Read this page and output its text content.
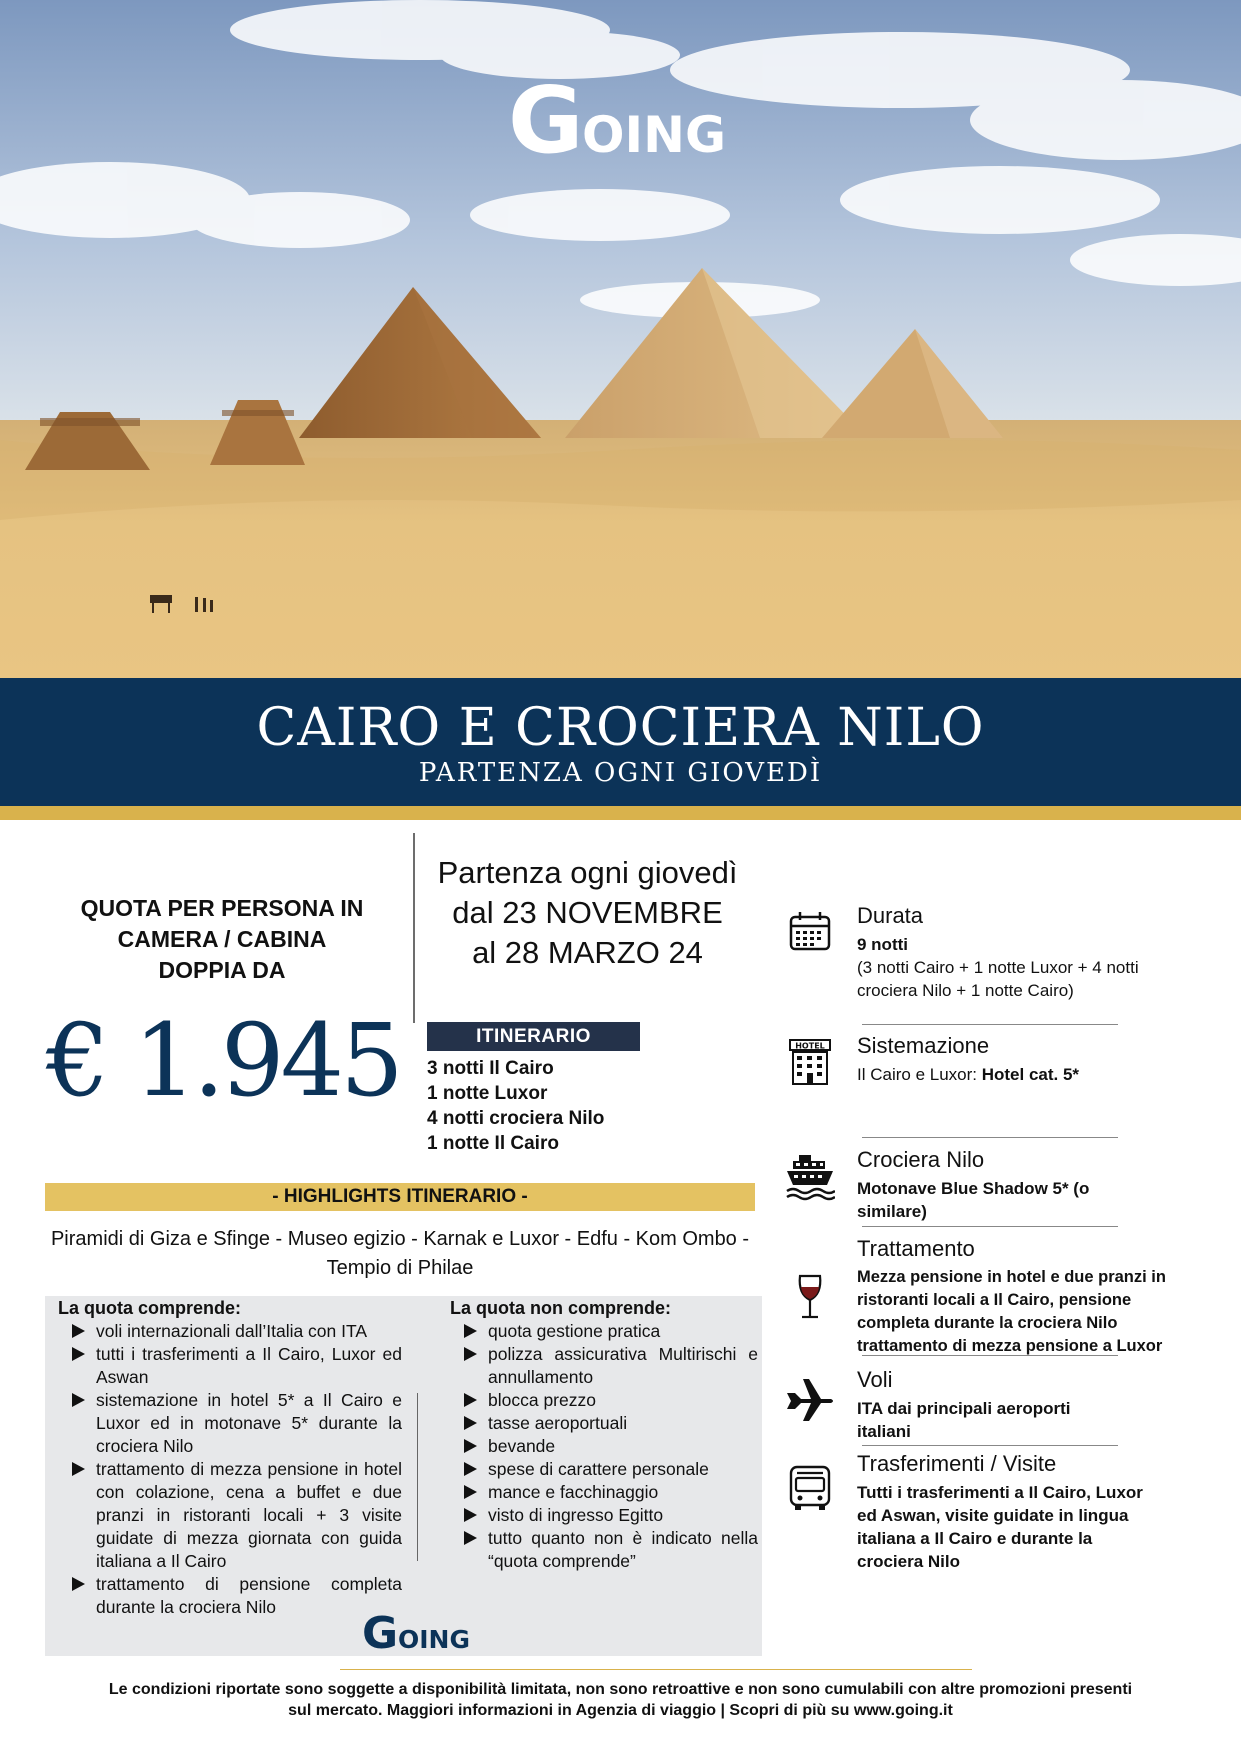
G
OING
CAIRO E CROCIERA NILO
PARTENZA OGNI GIOVEDÌ
QUOTA PER PERSONA IN
CAMERA / CABINA
DOPPIA DA
€ 1.945
Partenza ogni giovedì
dal 23 NOVEMBRE
al 28 MARZO 24
ITINERARIO
3 notti Il Cairo
1 notte Luxor
4 notti crociera Nilo
1 notte Il Cairo
- HIGHLIGHTS ITINERARIO -
Piramidi di Giza e Sfinge - Museo egizio - Karnak e Luxor - Edfu - Kom Ombo - Tempio di Philae
La quota comprende:
voli internazionali dall’Italia con ITA
tutti i trasferimenti a Il Cairo, Luxor ed Aswan
sistemazione in hotel 5* a Il Cairo e Luxor ed in motonave 5* durante la crociera Nilo
trattamento di mezza pensione in hotel con colazione, cena a buffet e due pranzi in ristoranti locali + 3 visite guidate di mezza giornata con guida italiana a Il Cairo
trattamento di pensione completa durante la crociera Nilo
La quota non comprende:
quota gestione pratica
polizza assicurativa Multirischi e annullamento
blocca prezzo
tasse aeroportuali
bevande
spese di carattere personale
mance e facchinaggio
visto di ingresso Egitto
tutto quanto non è indicato nella “quota comprende”
G OING
Durata
9 notti
(3 notti Cairo + 1 notte Luxor + 4 notti crociera Nilo + 1 notte Cairo)
HOTEL Sistemazione
Il Cairo e Luxor: Hotel cat. 5*
Crociera Nilo
Motonave Blue Shadow 5* (o similare)
Trattamento
Mezza pensione in hotel e due pranzi in ristoranti locali a Il Cairo, pensione completa durante la crociera Nilo trattamento di mezza pensione a Luxor
Voli
ITA dai principali aeroporti italiani
Trasferimenti / Visite
Tutti i trasferimenti a Il Cairo, Luxor ed Aswan, visite guidate in lingua italiana a Il Cairo e durante la crociera Nilo
Le condizioni riportate sono soggette a disponibilità limitata, non sono retroattive e non sono cumulabili con altre promozioni presenti
sul mercato. Maggiori informazioni in Agenzia di viaggio | Scopri di più su www.going.it
